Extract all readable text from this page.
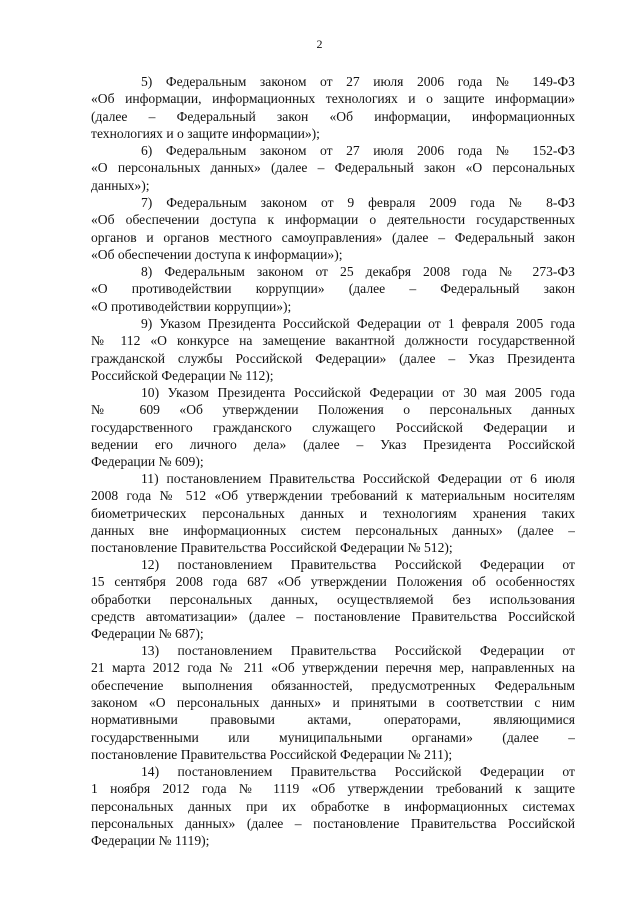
2
5) Федеральным законом от 27 июля 2006 года № 149-ФЗ
«Об информации, информационных технологиях и о защите информации»
(далее – Федеральный закон «Об информации, информационных
технологиях и о защите информации»);
6) Федеральным законом от 27 июля 2006 года № 152-ФЗ
«О персональных данных» (далее – Федеральный закон «О персональных
данных»);
7) Федеральным законом от 9 февраля 2009 года № 8-ФЗ
«Об обеспечении доступа к информации о деятельности государственных
органов и органов местного самоуправления» (далее – Федеральный закон
«Об обеспечении доступа к информации»);
8) Федеральным законом от 25 декабря 2008 года № 273-ФЗ
«О противодействии коррупции» (далее – Федеральный закон
«О противодействии коррупции»);
9) Указом Президента Российской Федерации от 1 февраля 2005 года
№ 112 «О конкурсе на замещение вакантной должности государственной
гражданской службы Российской Федерации» (далее – Указ Президента
Российской Федерации № 112);
10) Указом Президента Российской Федерации от 30 мая 2005 года
№ 609 «Об утверждении Положения о персональных данных
государственного гражданского служащего Российской Федерации и
ведении его личного дела» (далее – Указ Президента Российской
Федерации № 609);
11) постановлением Правительства Российской Федерации от 6 июля
2008 года № 512 «Об утверждении требований к материальным носителям
биометрических персональных данных и технологиям хранения таких
данных вне информационных систем персональных данных» (далее –
постановление Правительства Российской Федерации № 512);
12) постановлением Правительства Российской Федерации от
15 сентября 2008 года 687 «Об утверждении Положения об особенностях
обработки персональных данных, осуществляемой без использования
средств автоматизации» (далее – постановление Правительства Российской
Федерации № 687);
13) постановлением Правительства Российской Федерации от
21 марта 2012 года № 211 «Об утверждении перечня мер, направленных на
обеспечение выполнения обязанностей, предусмотренных Федеральным
законом «О персональных данных» и принятыми в соответствии с ним
нормативными правовыми актами, операторами, являющимися
государственными или муниципальными органами» (далее –
постановление Правительства Российской Федерации № 211);
14) постановлением Правительства Российской Федерации от
1 ноября 2012 года № 1119 «Об утверждении требований к защите
персональных данных при их обработке в информационных системах
персональных данных» (далее – постановление Правительства Российской
Федерации № 1119);
